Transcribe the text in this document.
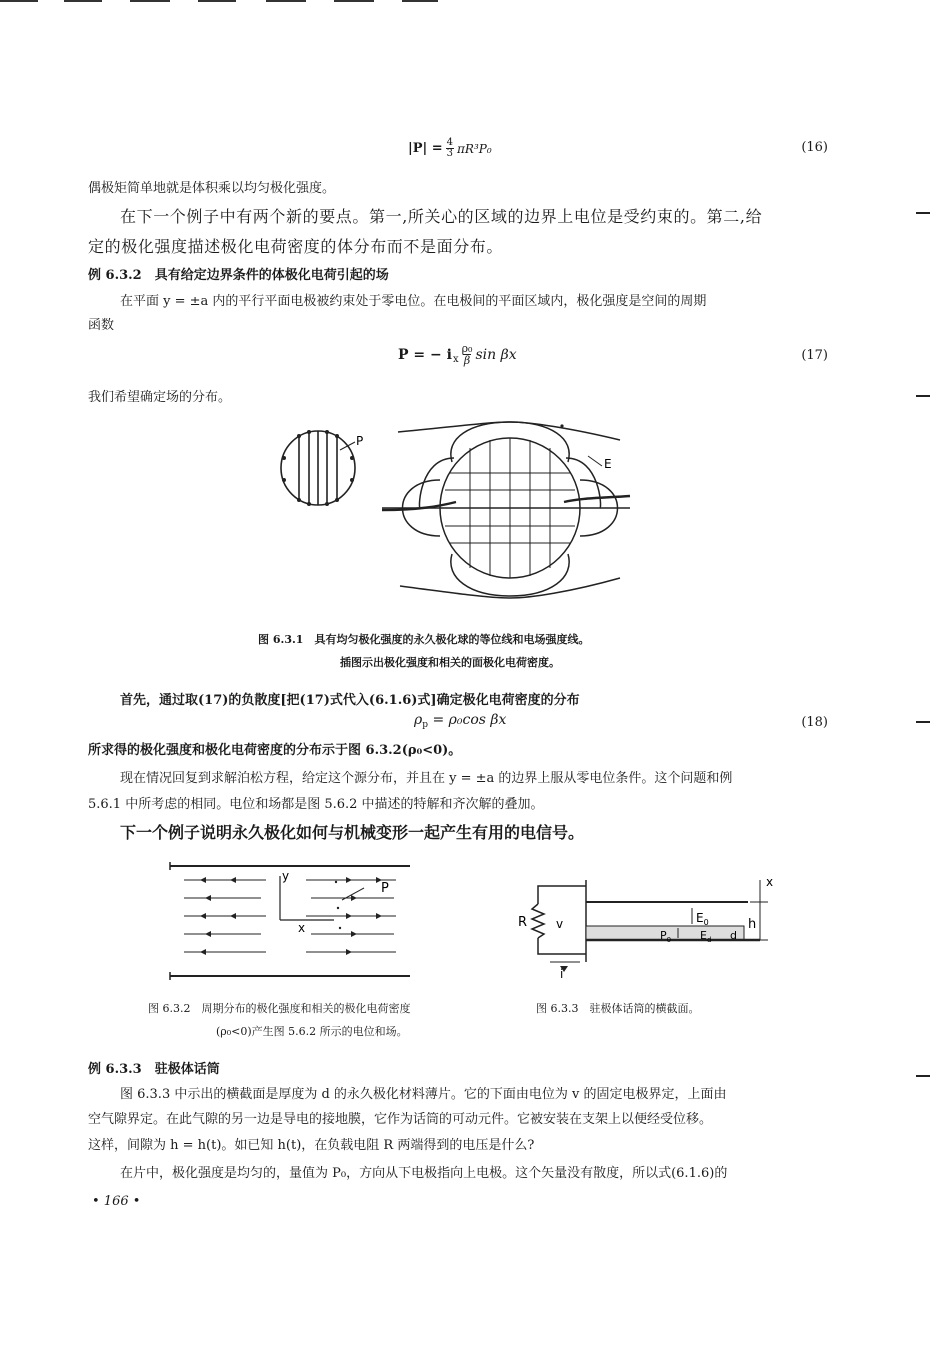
$|P| = \frac{4}{3} \pi R^3P_0$	(16)
偶极矩简单地就是体积乘以均匀极化强度。
在下一个例子中有两个新的要点。第一,所关心的区域的边界上电位是受约束的。第二,给
定的极化强度描述极化电荷密度的体分布而不是面分布。
例 6.3.2　具有给定边界条件的体极化电荷引起的场
在平面 y = ±a 内的平行平面电极被约束处于零电位。在电极间的平面区域内，极化强度是空间的周期
函数
P = − i x $\frac{\text{ρ₀}}{\beta}$ sin βx	(17)
我们希望确定场的分布。
P
E
图 6.3.1　具有均匀极化强度的永久极化球的等位线和电场强度线。
插图示出极化强度和相关的面极化电荷密度。
首先，通过取(17)的负散度[把(17)式代入(6.1.6)式]确定极化电荷密度的分布
$\rho_p = \rho_0\cos$ βx	(18)
所求得的极化强度和极化电荷密度的分布示于图 6.3.2(ρ₀<0)。
现在情况回复到求解泊松方程，给定这个源分布，并且在 y = ±a 的边界上服从零电位条件。这个问题和例
5.6.1 中所考虑的相同。电位和场都是图 5.6.2 中描述的特解和齐次解的叠加。
下一个例子说明永久极化如何与机械变形一起产生有用的电信号。
y
x
P
R v
i
$E_0$
$P_0$	$E_d$ d
h
x
图 6.3.2　周期分布的极化强度和相关的极化电荷密度
(ρ₀<0)产生图 5.6.2 所示的电位和场。
图 6.3.3　驻极体话筒的横截面。
例 6.3.3　驻极体话筒
图 6.3.3 中示出的横截面是厚度为 d 的永久极化材料薄片。它的下面由电位为 v 的固定电极界定，上面由
空气隙界定。在此气隙的另一边是导电的接地膜，它作为话筒的可动元件。它被安装在支架上以便经受位移。
这样，间隙为 h = h(t)。如已知 h(t)，在负载电阻 R 两端得到的电压是什么?
在片中，极化强度是均匀的，量值为 P₀，方向从下电极指向上电极。这个矢量没有散度，所以式(6.1.6)的
• 166 •
